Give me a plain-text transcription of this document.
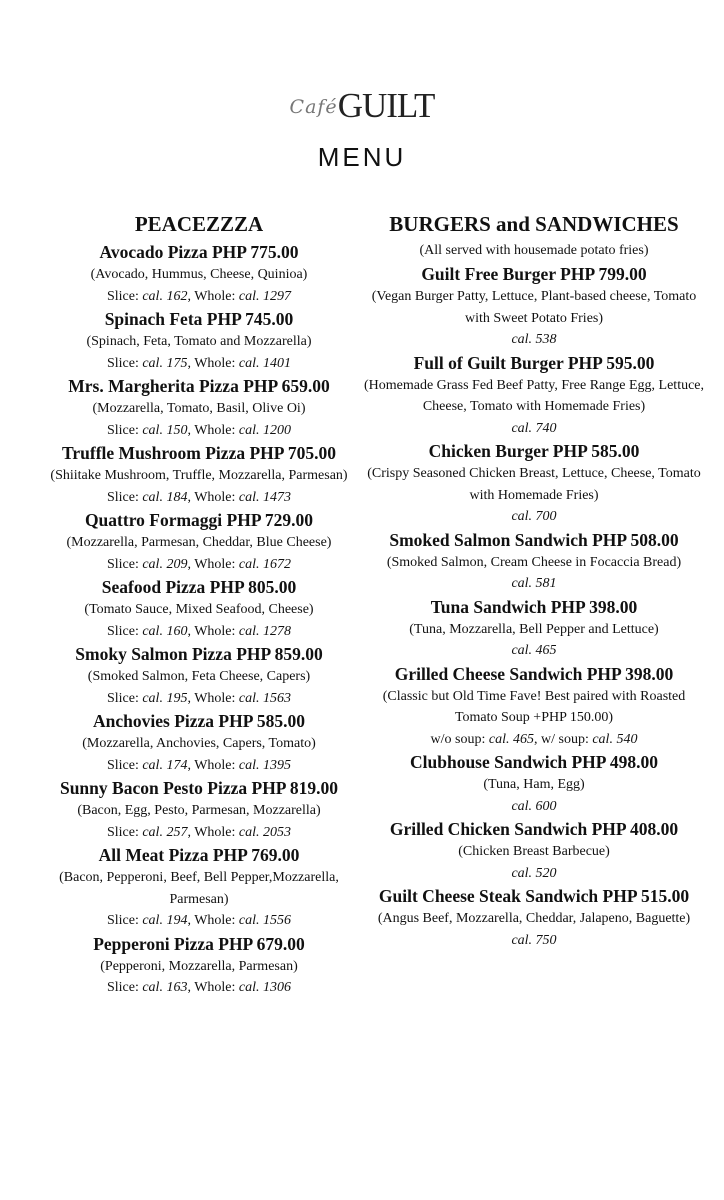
CaféGUILT
MENU
PEACEZZZA
Avocado Pizza PHP 775.00
(Avocado, Hummus, Cheese, Quinioa)
Slice: cal. 162, Whole: cal. 1297
Spinach Feta PHP 745.00
(Spinach, Feta, Tomato and Mozzarella)
Slice: cal. 175, Whole: cal. 1401
Mrs. Margherita Pizza PHP 659.00
(Mozzarella, Tomato, Basil, Olive Oi)
Slice: cal. 150, Whole: cal. 1200
Truffle Mushroom Pizza PHP 705.00
(Shiitake Mushroom, Truffle, Mozzarella, Parmesan)
Slice: cal. 184, Whole: cal. 1473
Quattro Formaggi PHP 729.00
(Mozzarella, Parmesan, Cheddar, Blue Cheese)
Slice: cal. 209, Whole: cal. 1672
Seafood Pizza PHP 805.00
(Tomato Sauce, Mixed Seafood, Cheese)
Slice: cal. 160, Whole: cal. 1278
Smoky Salmon Pizza PHP 859.00
(Smoked Salmon, Feta Cheese, Capers)
Slice: cal. 195, Whole: cal. 1563
Anchovies Pizza PHP 585.00
(Mozzarella, Anchovies, Capers, Tomato)
Slice: cal. 174, Whole: cal. 1395
Sunny Bacon Pesto Pizza PHP 819.00
(Bacon, Egg, Pesto, Parmesan, Mozzarella)
Slice: cal. 257, Whole: cal. 2053
All Meat Pizza PHP 769.00
(Bacon, Pepperoni, Beef, Bell Pepper,Mozzarella, Parmesan)
Slice: cal. 194, Whole: cal. 1556
Pepperoni Pizza PHP 679.00
(Pepperoni, Mozzarella, Parmesan)
Slice: cal. 163, Whole: cal. 1306
BURGERS and SANDWICHES
(All served with housemade potato fries)
Guilt Free Burger PHP 799.00
(Vegan Burger Patty, Lettuce, Plant-based cheese, Tomato with Sweet Potato Fries)
cal. 538
Full of Guilt Burger PHP 595.00
(Homemade Grass Fed Beef Patty, Free Range Egg, Lettuce, Cheese, Tomato with Homemade Fries)
cal. 740
Chicken Burger PHP 585.00
(Crispy Seasoned Chicken Breast, Lettuce, Cheese, Tomato with Homemade Fries)
cal. 700
Smoked Salmon Sandwich PHP 508.00
(Smoked Salmon, Cream Cheese in Focaccia Bread)
cal. 581
Tuna Sandwich PHP 398.00
(Tuna, Mozzarella, Bell Pepper and Lettuce)
cal. 465
Grilled Cheese Sandwich PHP 398.00
(Classic but Old Time Fave! Best paired with Roasted Tomato Soup +PHP 150.00)
w/o soup: cal. 465, w/ soup: cal. 540
Clubhouse Sandwich PHP 498.00
(Tuna, Ham, Egg)
cal. 600
Grilled Chicken Sandwich PHP 408.00
(Chicken Breast Barbecue)
cal. 520
Guilt Cheese Steak Sandwich PHP 515.00
(Angus Beef, Mozzarella, Cheddar, Jalapeno, Baguette)
cal. 750
